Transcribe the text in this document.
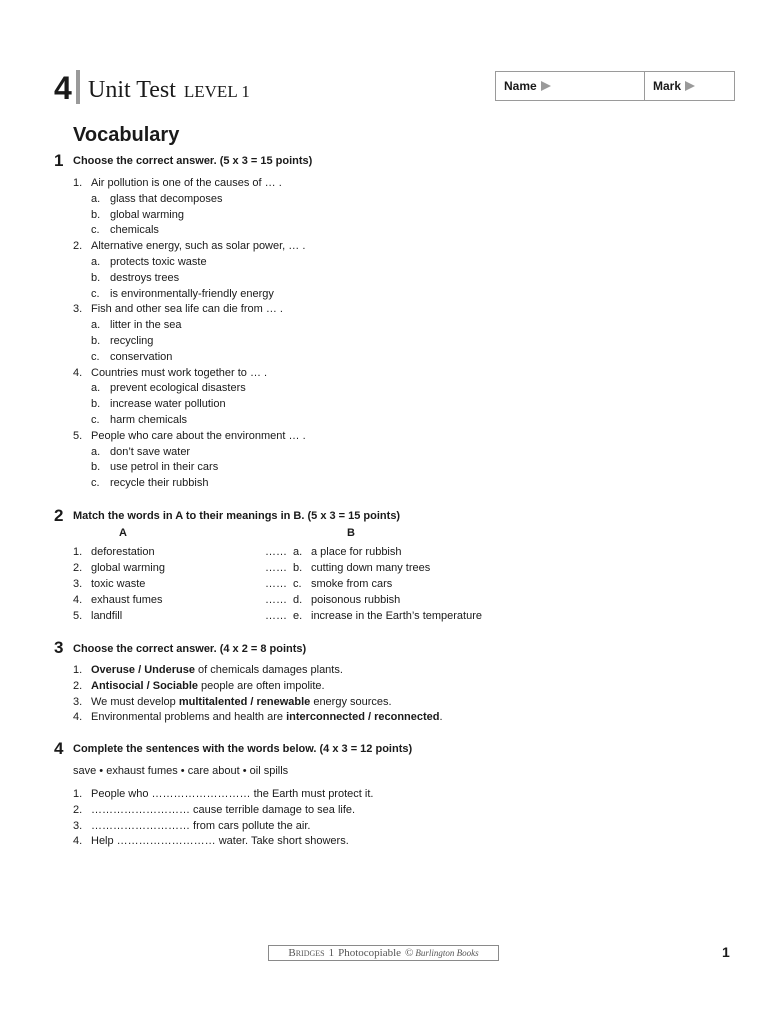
4 Unit Test LEVEL 1	Name	Mark
Vocabulary
1 Choose the correct answer. (5 x 3 = 15 points)
1. Air pollution is one of the causes of … .
a. glass that decomposes
b. global warming
c. chemicals
2. Alternative energy, such as solar power, … .
a. protects toxic waste
b. destroys trees
c. is environmentally-friendly energy
3. Fish and other sea life can die from … .
a. litter in the sea
b. recycling
c. conservation
4. Countries must work together to … .
a. prevent ecological disasters
b. increase water pollution
c. harm chemicals
5. People who care about the environment … .
a. don’t save water
b. use petrol in their cars
c. recycle their rubbish
2 Match the words in A to their meanings in B. (5 x 3 = 15 points)
A	B
1. deforestation	…… a. a place for rubbish
2. global warming	…… b. cutting down many trees
3. toxic waste	…… c. smoke from cars
4. exhaust fumes	…… d. poisonous rubbish
5. landfill	…… e. increase in the Earth’s temperature
3 Choose the correct answer. (4 x 2 = 8 points)
1. Overuse / Underuse of chemicals damages plants.
2. Antisocial / Sociable people are often impolite.
3. We must develop multitalented / renewable energy sources.
4. Environmental problems and health are interconnected / reconnected.
4 Complete the sentences with the words below. (4 x 3 = 12 points)
save • exhaust fumes • care about • oil spills
1. People who ……………………… the Earth must protect it.
2. ……………………… cause terrible damage to sea life.
3. ……………………… from cars pollute the air.
4. Help ……………………… water. Take short showers.
Bridges 1 Photocopiable © Burlington Books	1
